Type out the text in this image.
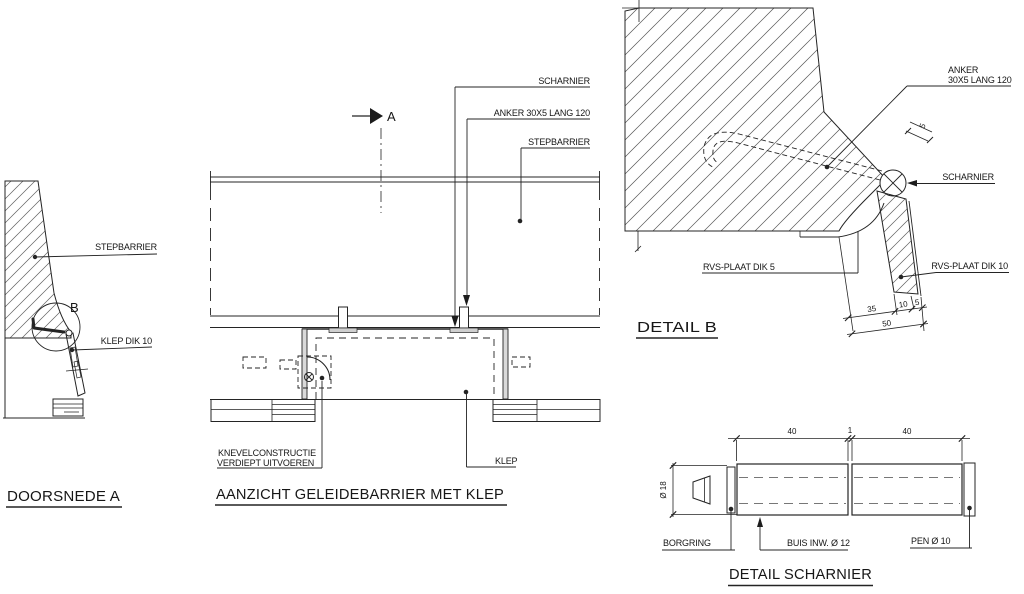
B
STEPBARRIER
KLEP DIK 10
DOORSNEDE A
A
SCHARNIER
ANKER 30X5 LANG 120
STEPBARRIER
KNEVELCONSTRUCTIE
VERDIEPT UITVOEREN	KLEP
AANZICHT GELEIDEBARRIER MET KLEP
ANKER
30X5 LANG 120
5
SCHARNIER
RVS-PLAAT DIK 5	RVS-PLAAT DIK 10
35	10 5
50
DETAIL B
40	1	40
Ø 18
BORGRING	BUIS INW. Ø 12	PEN Ø 10
DETAIL SCHARNIER
